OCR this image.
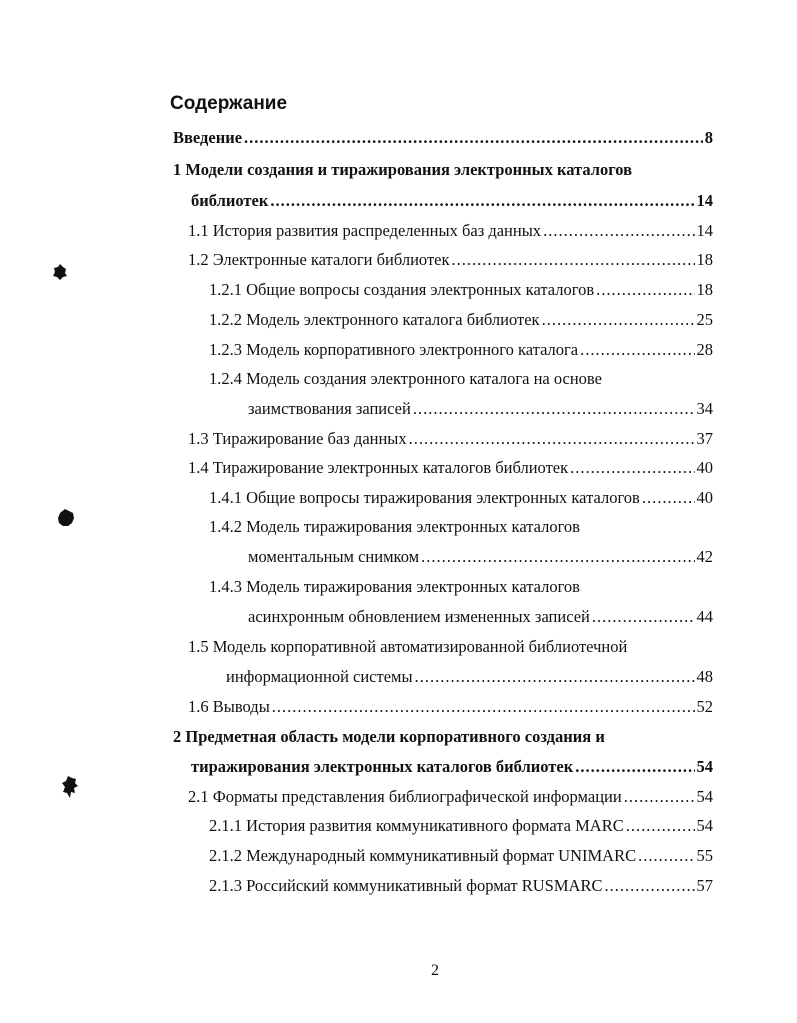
Содержание
Введение .....	8
1 Модели создания и тиражирования электронных каталогов
библиотек .....	14
1.1 История развития распределенных баз данных .....	14
1.2 Электронные каталоги библиотек .....	18
1.2.1 Общие вопросы создания электронных каталогов .....	18
1.2.2 Модель электронного каталога библиотек .....	25
1.2.3 Модель корпоративного электронного каталога .....	28
1.2.4 Модель создания электронного каталога на основе
заимствования записей .....	34
1.3 Тиражирование баз данных .....	37
1.4 Тиражирование электронных каталогов библиотек .....	40
1.4.1 Общие вопросы тиражирования электронных каталогов .....	40
1.4.2 Модель тиражирования электронных каталогов
моментальным снимком .....	42
1.4.3 Модель тиражирования электронных каталогов
асинхронным обновлением измененных записей .....	44
1.5 Модель корпоративной автоматизированной библиотечной
информационной системы .....	48
1.6 Выводы .....	52
2 Предметная область модели корпоративного создания и
тиражирования электронных каталогов библиотек .....	54
2.1 Форматы представления библиографической информации .....	54
2.1.1 История развития коммуникативного формата MARC .....	54
2.1.2 Международный коммуникативный формат UNIMARC .....	55
2.1.3 Российский коммуникативный формат RUSMARC .....	57
2
